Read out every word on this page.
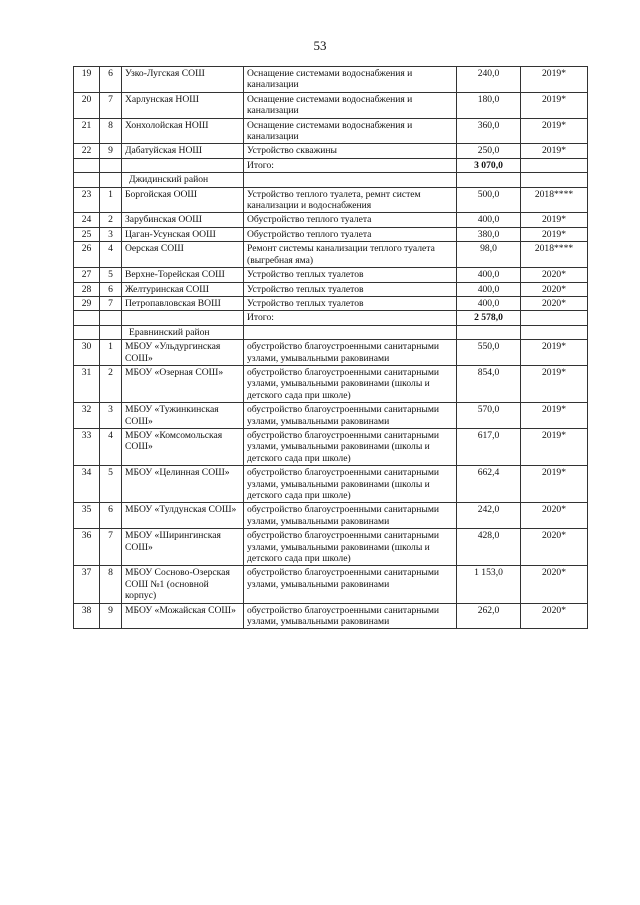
53
19	6	Узко-Лугская СОШ	Оснащение системами водоснабжения и канализации	240,0	2019*
20	7	Харлунская НОШ	Оснащение системами водоснабжения и канализации	180,0	2019*
21	8	Хонхолойская НОШ	Оснащение системами водоснабжения и канализации	360,0	2019*
22	9	Дабатуйская НОШ	Устройство скважины	250,0	2019*
			Итого:	3 070,0	
		Джидинский район			
23	1	Боргойская ООШ	Устройство теплого туалета, ремнт систем канализации и водоснабжения	500,0	2018****
24	2	Зарубинская ООШ	Обустройство теплого туалета	400,0	2019*
25	3	Цаган-Усунская ООШ	Обустройство теплого туалета	380,0	2019*
26	4	Оерская СОШ	Ремонт системы канализации теплого туалета (выгребная яма)	98,0	2018****
27	5	Верхне-Торейская СОШ	Устройство теплых туалетов	400,0	2020*
28	6	Желтуринская СОШ	Устройство теплых туалетов	400,0	2020*
29	7	Петропавловская ВОШ	Устройство теплых туалетов	400,0	2020*
			Итого:	2 578,0	
		Еравнинский район			
30	1	МБОУ «Ульдургинская СОШ»	обустройство благоустроенными санитарными узлами, умывальными раковинами	550,0	2019*
31	2	МБОУ «Озерная СОШ»	обустройство благоустроенными санитарными узлами, умывальными раковинами (школы и детского сада при школе)	854,0	2019*
32	3	МБОУ «Тужинкинская СОШ»	обустройство благоустроенными санитарными узлами, умывальными раковинами	570,0	2019*
33	4	МБОУ «Комсомольская СОШ»	обустройство благоустроенными санитарными узлами, умывальными раковинами (школы и детского сада при школе)	617,0	2019*
34	5	МБОУ «Целинная СОШ»	обустройство благоустроенными санитарными узлами, умывальными раковинами (школы и детского сада при школе)	662,4	2019*
35	6	МБОУ «Тулдунская СОШ»	обустройство благоустроенными санитарными узлами, умывальными раковинами	242,0	2020*
36	7	МБОУ «Ширингинская СОШ»	обустройство благоустроенными санитарными узлами, умывальными раковинами (школы и детского сада при школе)	428,0	2020*
37	8	МБОУ Сосново-Озерская СОШ №1 (основной корпус)	обустройство благоустроенными санитарными узлами, умывальными раковинами	1 153,0	2020*
38	9	МБОУ «Можайская СОШ»	обустройство благоустроенными санитарными узлами, умывальными раковинами	262,0	2020*
